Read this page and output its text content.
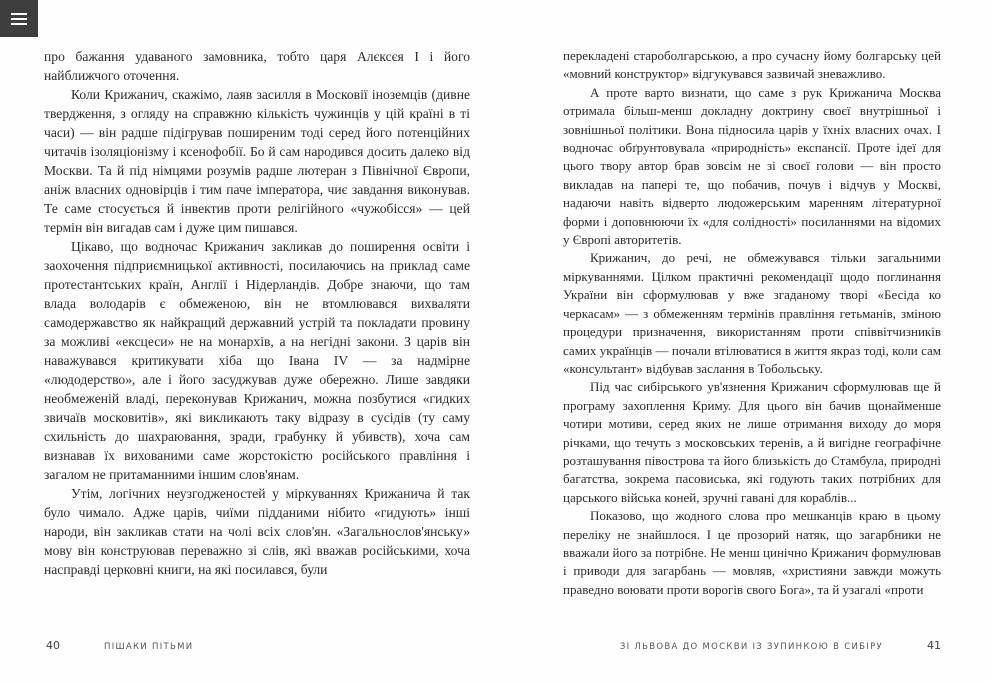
про бажання удаваного замовника, тобто царя Алєксєя I і його найближчого оточення.

Коли Крижанич, скажімо, лаяв засилля в Московії іноземців (дивне твердження, з огляду на справжню кількість чужинців у цій країні в ті часи) — він радше підігрував поширеним тоді серед його потенційних читачів ізоляціонізму і ксенофобії. Бо й сам народився досить далеко від Москви. Та й під німцями розумів радше лютеран з Північної Європи, аніж власних одновірців і тим паче імператора, чиє завдання виконував. Те саме стосується й інвектив проти релігійного «чужобісся» — цей термін він вигадав сам і дуже цим пишався.

Цікаво, що водночас Крижанич закликав до поширення освіти і заохочення підприємницької активності, посилаючись на приклад саме протестантських країн, Англії і Нідерландів. Добре знаючи, що там влада володарів є обмеженою, він не втомлювався вихваляти самодержавство як найкращий державний устрій та покладати провину за можливі «ексцеси» не на монархів, а на негідні закони. З царів він наважувався критикувати хіба що Івана IV — за надмірне «людодерство», але і його засуджував дуже обережно. Лише завдяки необмеженій владі, переконував Крижанич, можна позбутися «гидких звичаїв московитів», які викликають таку відразу в сусідів (ту саму схильність до шахраювання, зради, грабунку й убивств), хоча сам визнавав їх вихованими саме жорстокістю російського правління і загалом не притаманними іншим слов'янам.

Утім, логічних неузгодженостей у міркуваннях Крижанича й так було чимало. Адже царів, чиїми підданими нібито «гидують» інші народи, він закликав стати на чолі всіх слов'ян. «Загальнослов'янську» мову він конструював переважно зі слів, які вважав російськими, хоча насправді церковні книги, на які посилався, були

перекладені староболгарською, а про сучасну йому болгарську цей «мовний конструктор» відгукувався зазвичай зневажливо.

А проте варто визнати, що саме з рук Крижанича Москва отримала більш-менш докладну доктрину своєї внутрішньої і зовнішньої політики. Вона підносила царів у їхніх власних очах. І водночас обґрунтовувала «природність» експансії. Проте ідеї для цього твору автор брав зовсім не зі своєї голови — він просто викладав на папері те, що побачив, почув і відчув у Москві, надаючи навіть відверто людожерським маренням літературної форми і доповнюючи їх «для солідності» посиланнями на відомих у Європі авторитетів.

Крижанич, до речі, не обмежувався тільки загальними міркуваннями. Цілком практичні рекомендації щодо поглинання України він сформулював у вже згаданому творі «Бесіда ко черкасам» — з обмеженням термінів правління гетьманів, зміною процедури призначення, використанням проти співвітчизників самих українців — почали втілюватися в життя якраз тоді, коли сам «консультант» відбував заслання в Тобольську.

Під час сибірського ув'язнення Крижанич сформулював ще й програму захоплення Криму. Для цього він бачив щонайменше чотири мотиви, серед яких не лише отримання виходу до моря річками, що течуть з московських теренів, а й вигідне географічне розташування півострова та його близькість до Стамбула, природні багатства, зокрема пасовиська, які годують таких потрібних для царського війська коней, зручні гавані для кораблів...

Показово, що жодного слова про мешканців краю в цьому переліку не знайшлося. І це прозорий натяк, що загарбники не вважали його за потрібне. Не менш цинічно Крижанич формулював і приводи для загарбань — мовляв, «християни завжди можуть праведно воювати проти ворогів свого Бога», та й узагалі «проти

40	ПІШАКИ ПІТЬМИ	ЗІ ЛЬВОВА ДО МОСКВИ ІЗ ЗУПИНКОЮ В СИБІРУ	41
